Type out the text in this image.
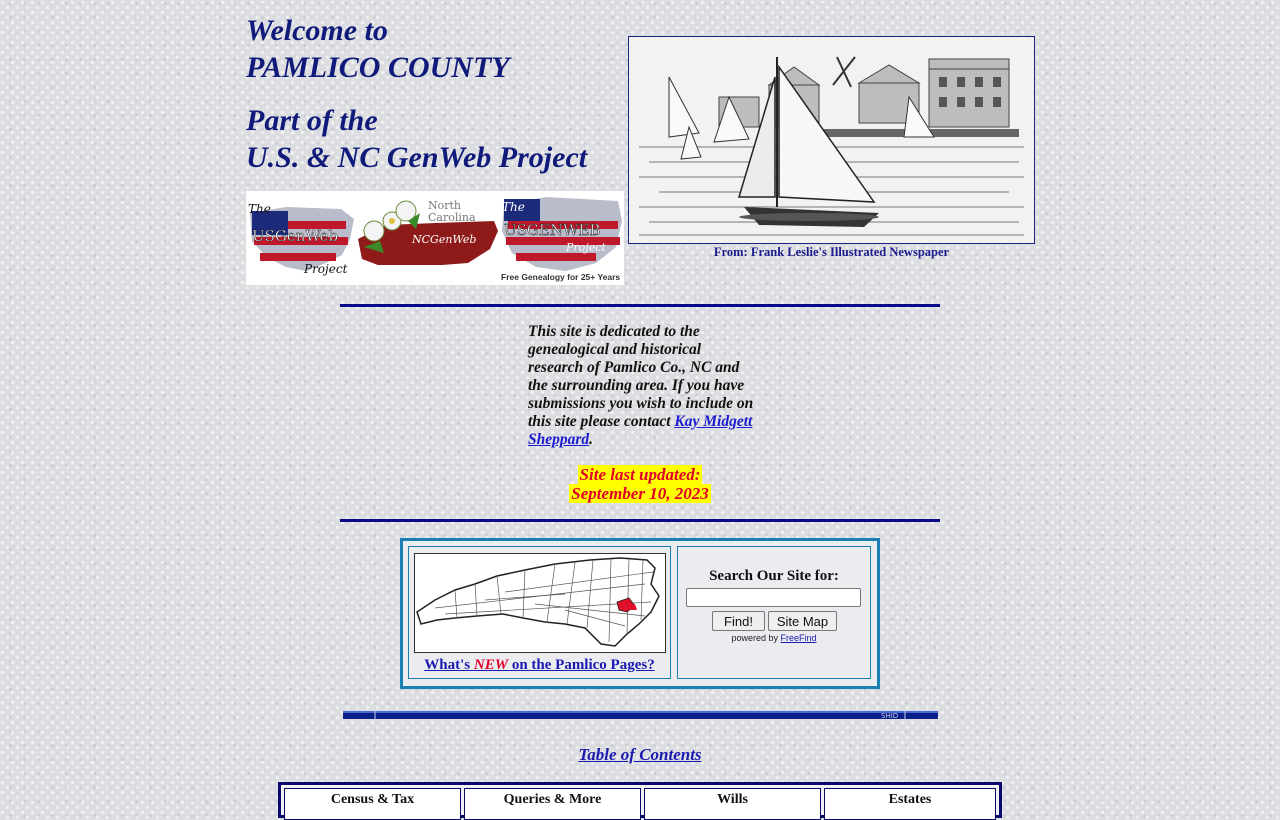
Welcome to
PAMLICO COUNTY
Part of the
U.S. & NC GenWeb Project
The
USGenWeb
Project
North
Carolina
NCGenWeb
The
USGENWEB
Project
Free Genealogy for 25+ Years
From: Frank Leslie's Illustrated Newspaper

This site is dedicated to the genealogical and historical research of Pamlico Co., NC and the surrounding area. If you have submissions you wish to include on this site please contact Kay Midgett Sheppard.

Site last updated:
September 10, 2023
What's NEW on the Pamlico Pages?
Search Our Site for:
Find!	Site Map
powered by FreeFind
SHID
Table of Contents
Census & Tax	Queries & More	Wills	Estates
